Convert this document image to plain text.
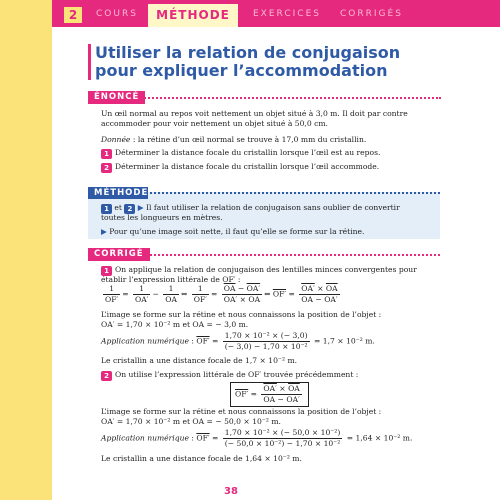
2	COURS	MÉTHODE	EXERCICES CORRIGÉS
Utiliser la relation de conjugaison
pour expliquer l’accommodation
ÉNONCÉ
Un œil normal au repos voit nettement un objet situé à 3,0 m. Il doit par contre
accommoder pour voir nettement un objet situé à 50,0 cm.
Donnée : la rétine d’un œil normal se trouve à 17,0 mm du cristallin.
1 Déterminer la distance focale du cristallin lorsque l’œil est au repos.
2 Déterminer la distance focale du cristallin lorsque l’œil accommode.
MÉTHODE
1 et 2 ▶ Il faut utiliser la relation de conjugaison sans oublier de convertir
toutes les longueurs en mètres.
▶ Pour qu’une image soit nette, il faut qu’elle se forme sur la rétine.
CORRIGÉ
1 On applique la relation de conjugaison des lentilles minces convergentes pour
établir l’expression littérale de OF′ :
$\frac{1}{OF'} = \frac{1}{OA'} - \frac{1}{OA}$ ⇔ $\frac{1}{OF'} = \frac{\overline{OA} - OA'}{OA' \times \overline{OA}}$ ⇔ $OF' = \frac{OA' \times \overline{OA}}{\overline{OA} - OA'}$
L’image se forme sur la rétine et nous connaissons la position de l’objet :
OA′ = 1,70 × 10⁻² m et OA = − 3,0 m.
Application numérique : $OF' = \frac{\text{1,70 × 10⁻² × (− 3,0)}}{\text{(− 3,0) − 1,70 × 10⁻²}} = 1,7 \times 10^{-2}$ m.
Le cristallin a une distance focale de 1,7 × 10⁻² m.
2 On utilise l’expression littérale de OF′ trouvée précédemment :
$OF' = \frac{OA' \times \overline{OA}}{\overline{OA} - OA'}$
L’image se forme sur la rétine et nous connaissons la position de l’objet :
OA′ = 1,70 × 10⁻² m et OA = − 50,0 × 10⁻² m.
Application numérique : $OF' = \frac{\text{1,70 × 10⁻² × (− 50,0 × 10⁻²)}}{\text{(− 50,0 × 10⁻²) − 1,70 × 10⁻²}} = 1,64 \times 10^{-2}$ m.
Le cristallin a une distance focale de 1,64 × 10⁻² m.
38
